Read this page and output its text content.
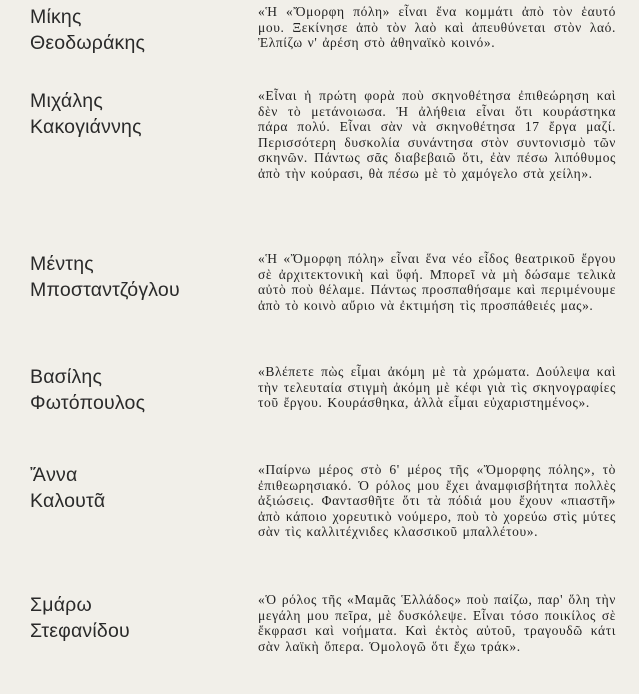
Μίκης
Θεοδωράκης
«Ἡ «Ὄμορφη πόλη» εἶναι ἕνα κομμάτι ἀπὸ τὸν ἑαυτό μου. Ξεκίνησε ἀπὸ τὸν λαὸ καὶ ἀπευθύνεται στὸν λαό. Ἐλπίζω ν' ἀρέση στὸ ἀθηναϊκὸ κοινό».
Μιχάλης
Κακογιάννης
«Εἶναι ἡ πρώτη φορὰ ποὺ σκηνοθέτησα ἐπιθεώρηση καὶ δὲν τὸ μετάνοιωσα. Ἡ ἀλήθεια εἶναι ὅτι κουράστηκα πάρα πολύ. Εἶναι σὰν νὰ σκηνοθέτησα 17 ἔργα μαζί. Περισσότερη δυσκολία συνάντησα στὸν συντονισμὸ τῶν σκηνῶν. Πάντως σᾶς διαβεβαιῶ ὅτι, ἐὰν πέσω λιπόθυμος ἀπὸ τὴν κούρασι, θὰ πέσω μὲ τὸ χαμόγελο στὰ χείλη».
Μέντης
Μποσταντζόγλου
«Ἡ «Ὄμορφη πόλη» εἶναι ἕνα νέο εἶδος θεατρικοῦ ἔργου σὲ ἀρχιτεκτονικὴ καὶ ὕφή. Μπορεῖ νὰ μὴ δώσαμε τελικὰ αὐτὸ ποὺ θέλαμε. Πάντως προσπαθήσαμε καὶ περιμένουμε ἀπὸ τὸ κοινὸ αὔριο νὰ ἐκτιμήση τὶς προσπάθειές μας».
Βασίλης
Φωτόπουλος
«Βλέπετε πὼς εἶμαι ἀκόμη μὲ τὰ χρώματα. Δούλεψα καὶ τὴν τελευταία στιγμὴ ἀκόμη μὲ κέφι γιὰ τὶς σκηνογραφίες τοῦ ἔργου. Κουράσθηκα, ἀλλὰ εἶμαι εὐχαριστημένος».
Ἄννα
Καλουτᾶ
«Παίρνω μέρος στὸ 6' μέρος τῆς «Ὄμορφης πόλης», τὸ ἐπιθεωρησιακό. Ὁ ρόλος μου ἔχει ἀναμφισβήτητα πολλὲς ἀξιώσεις. Φαντασθῆτε ὅτι τὰ πόδιά μου ἔχουν «πιαστῆ» ἀπὸ κάποιο χορευτικὸ νούμερο, ποὺ τὸ χορεύω στὶς μύτες σὰν τὶς καλλιτέχνιδες κλασσικοῦ μπαλλέτου».
Σμάρω
Στεφανίδου
«Ὁ ρόλος τῆς «Μαμᾶς Ἑλλάδος» ποὺ παίζω, παρ' ὅλη τὴν μεγάλη μου πεῖρα, μὲ δυσκόλεψε. Εἶναι τόσο ποικίλος σὲ ἔκφρασι καὶ νοήματα. Καὶ ἐκτὸς αὐτοῦ, τραγουδῶ κάτι σὰν λαϊκὴ ὄπερα. Ὁμολογῶ ὅτι ἔχω τράκ».
